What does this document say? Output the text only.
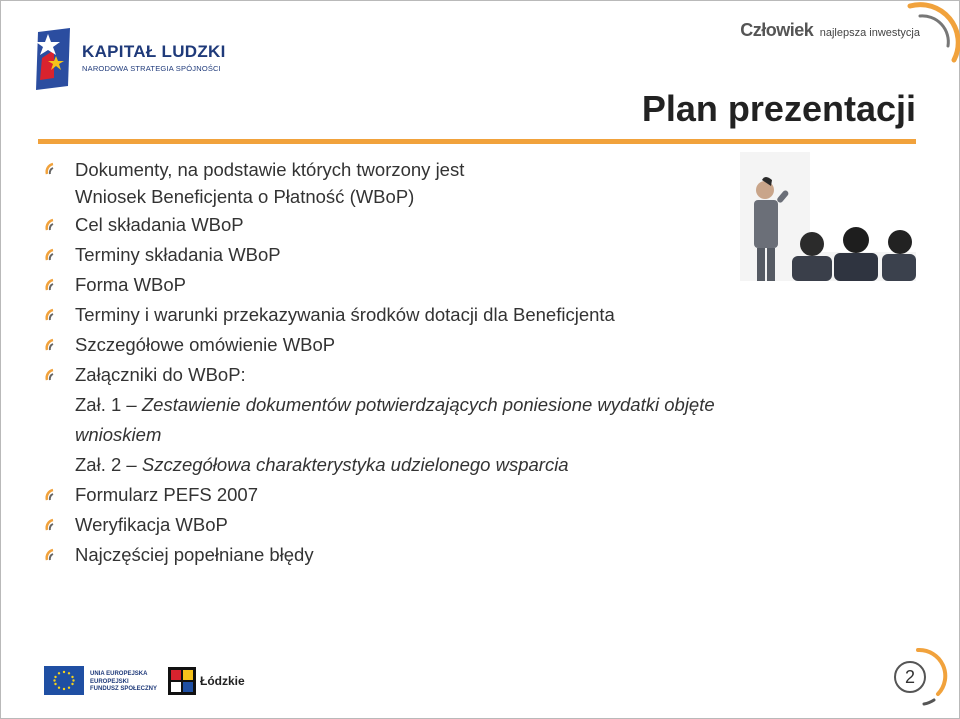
KAPITAŁ LUDZKI
NARODOWA STRATEGIA SPÓJNOŚCI
Człowiek najlepsza inwestycja
Plan prezentacji
Dokumenty, na podstawie których tworzony jest
Wniosek Beneficjenta o Płatność (WBoP)
Cel składania WBoP
Terminy składania WBoP
Forma WBoP
Terminy i warunki przekazywania środków dotacji dla Beneficjenta
Szczegółowe omówienie WBoP
Załączniki do WBoP:
Zał. 1 – Zestawienie dokumentów potwierdzających poniesione wydatki objęte
wnioskiem
Zał. 2 – Szczegółowa charakterystyka udzielonego wsparcia
Formularz PEFS 2007
Weryfikacja WBoP
Najczęściej popełniane błędy
UNIA EUROPEJSKA
EUROPEJSKI
FUNDUSZ SPOŁECZNY
Łódzkie	2
